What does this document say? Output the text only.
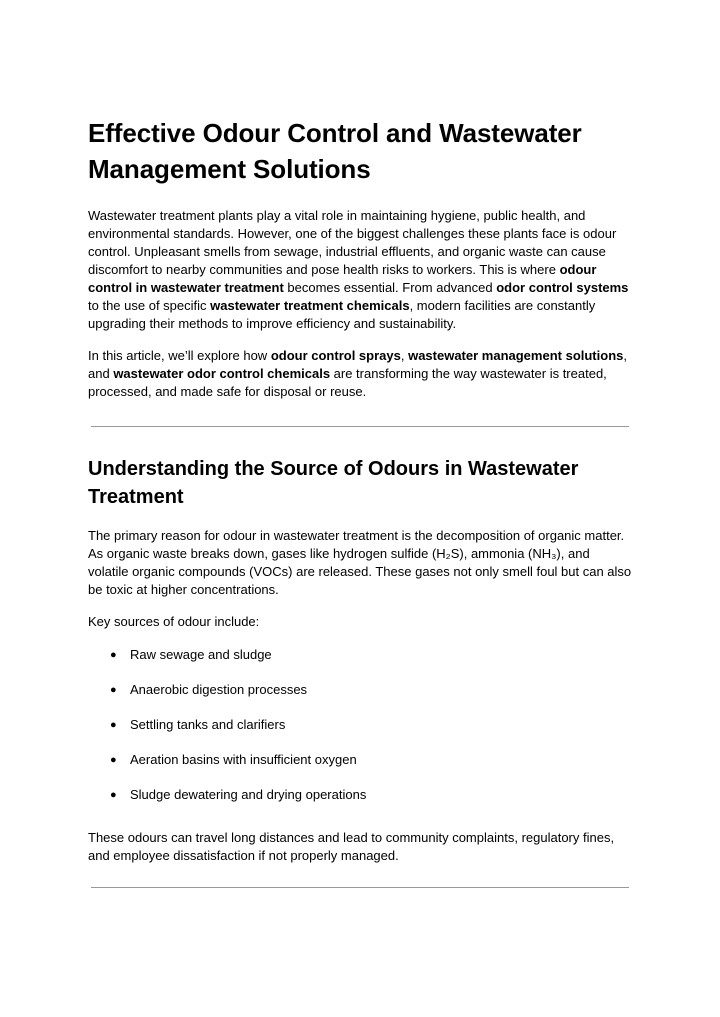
Effective Odour Control and Wastewater Management Solutions

Wastewater treatment plants play a vital role in maintaining hygiene, public health, and environmental standards. However, one of the biggest challenges these plants face is odour control. Unpleasant smells from sewage, industrial effluents, and organic waste can cause discomfort to nearby communities and pose health risks to workers. This is where odour control in wastewater treatment becomes essential. From advanced odor control systems to the use of specific wastewater treatment chemicals, modern facilities are constantly upgrading their methods to improve efficiency and sustainability.

In this article, we’ll explore how odour control sprays, wastewater management solutions, and wastewater odor control chemicals are transforming the way wastewater is treated, processed, and made safe for disposal or reuse.

Understanding the Source of Odours in Wastewater Treatment

The primary reason for odour in wastewater treatment is the decomposition of organic matter. As organic waste breaks down, gases like hydrogen sulfide (H₂S), ammonia (NH₃), and volatile organic compounds (VOCs) are released. These gases not only smell foul but can also be toxic at higher concentrations.

Key sources of odour include:

● Raw sewage and sludge
● Anaerobic digestion processes
● Settling tanks and clarifiers
● Aeration basins with insufficient oxygen
● Sludge dewatering and drying operations

These odours can travel long distances and lead to community complaints, regulatory fines, and employee dissatisfaction if not properly managed.
